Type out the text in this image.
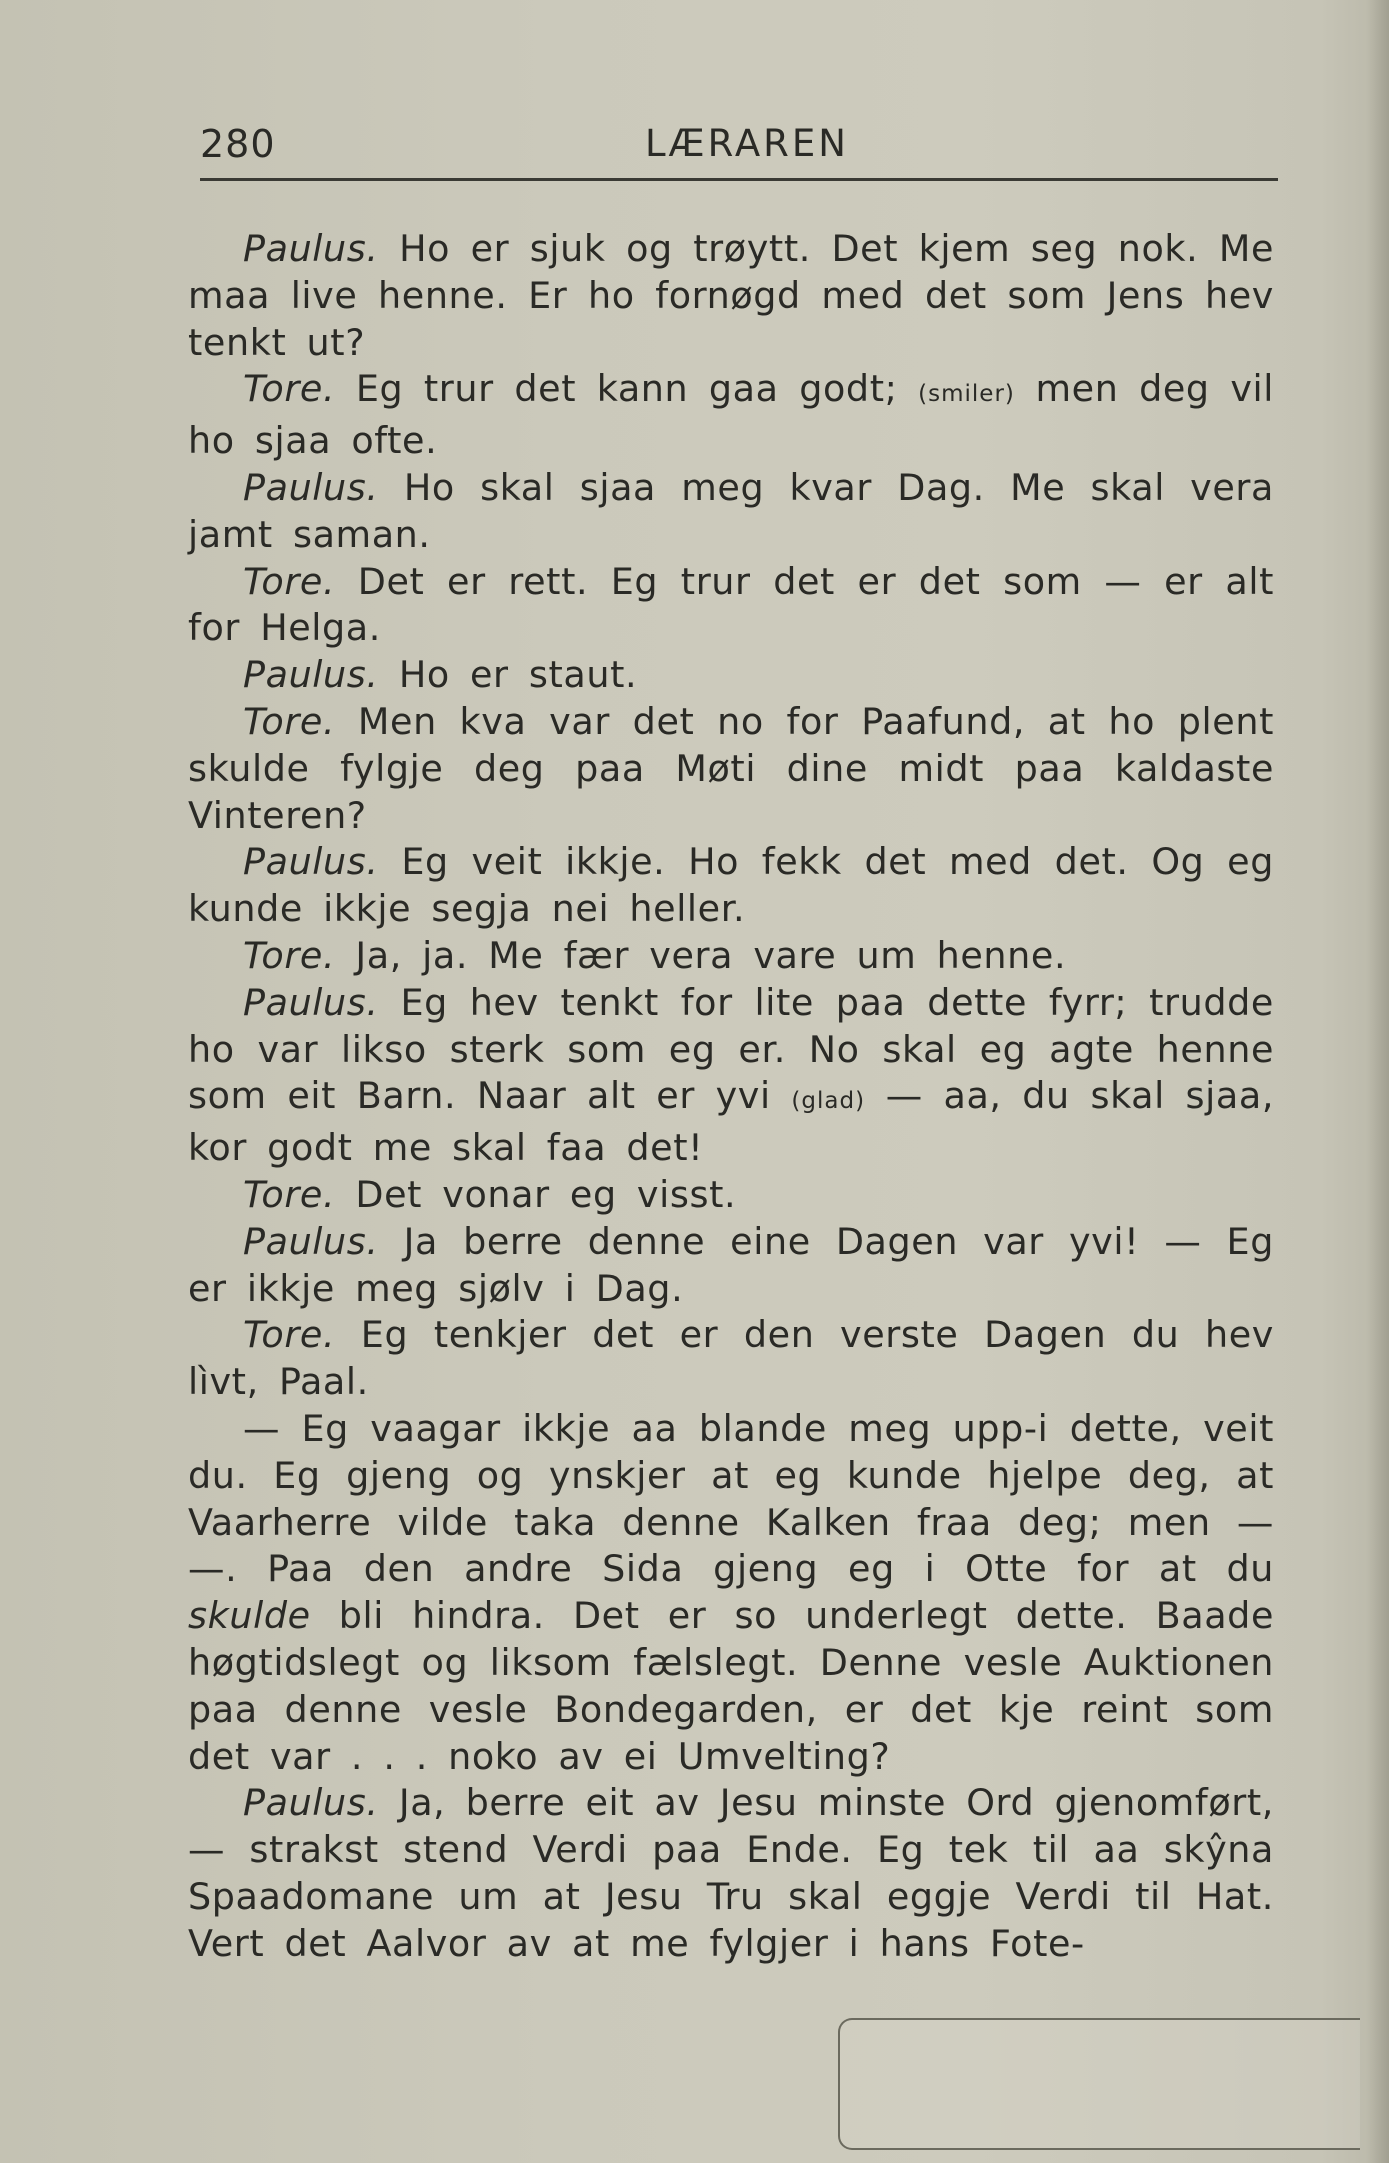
280	LÆRAREN

Paulus. Ho er sjuk og trøytt. Det kjem seg nok. Me maa live henne. Er ho fornøgd med det som Jens hev tenkt ut?

Tore. Eg trur det kann gaa godt; (smiler) men deg vil ho sjaa ofte.

Paulus. Ho skal sjaa meg kvar Dag. Me skal vera jamt saman.

Tore. Det er rett. Eg trur det er det som — er alt for Helga.

Paulus. Ho er staut.

Tore. Men kva var det no for Paafund, at ho plent skulde fylgje deg paa Møti dine midt paa kaldaste Vinteren?

Paulus. Eg veit ikkje. Ho fekk det med det. Og eg kunde ikkje segja nei heller.

Tore. Ja, ja. Me fær vera vare um henne.

Paulus. Eg hev tenkt for lite paa dette fyrr; trudde ho var likso sterk som eg er. No skal eg agte henne som eit Barn. Naar alt er yvi (glad) — aa, du skal sjaa, kor godt me skal faa det!

Tore. Det vonar eg visst.

Paulus. Ja berre denne eine Dagen var yvi! — Eg er ikkje meg sjølv i Dag.

Tore. Eg tenkjer det er den verste Dagen du hev lìvt, Paal.

— Eg vaagar ikkje aa blande meg upp-i dette, veit du. Eg gjeng og ynskjer at eg kunde hjelpe deg, at Vaarherre vilde taka denne Kalken fraa deg; men — —. Paa den andre Sida gjeng eg i Otte for at du skulde bli hindra. Det er so underlegt dette. Baade høgtidslegt og liksom fælslegt. Denne vesle Auktionen paa denne vesle Bondegarden, er det kje reint som det var . . . noko av ei Umvelting?

Paulus. Ja, berre eit av Jesu minste Ord gjenomført, — strakst stend Verdi paa Ende. Eg tek til aa skŷna Spaadomane um at Jesu Tru skal eggje Verdi til Hat. Vert det Aalvor av at me fylgjer i hans Fote-
